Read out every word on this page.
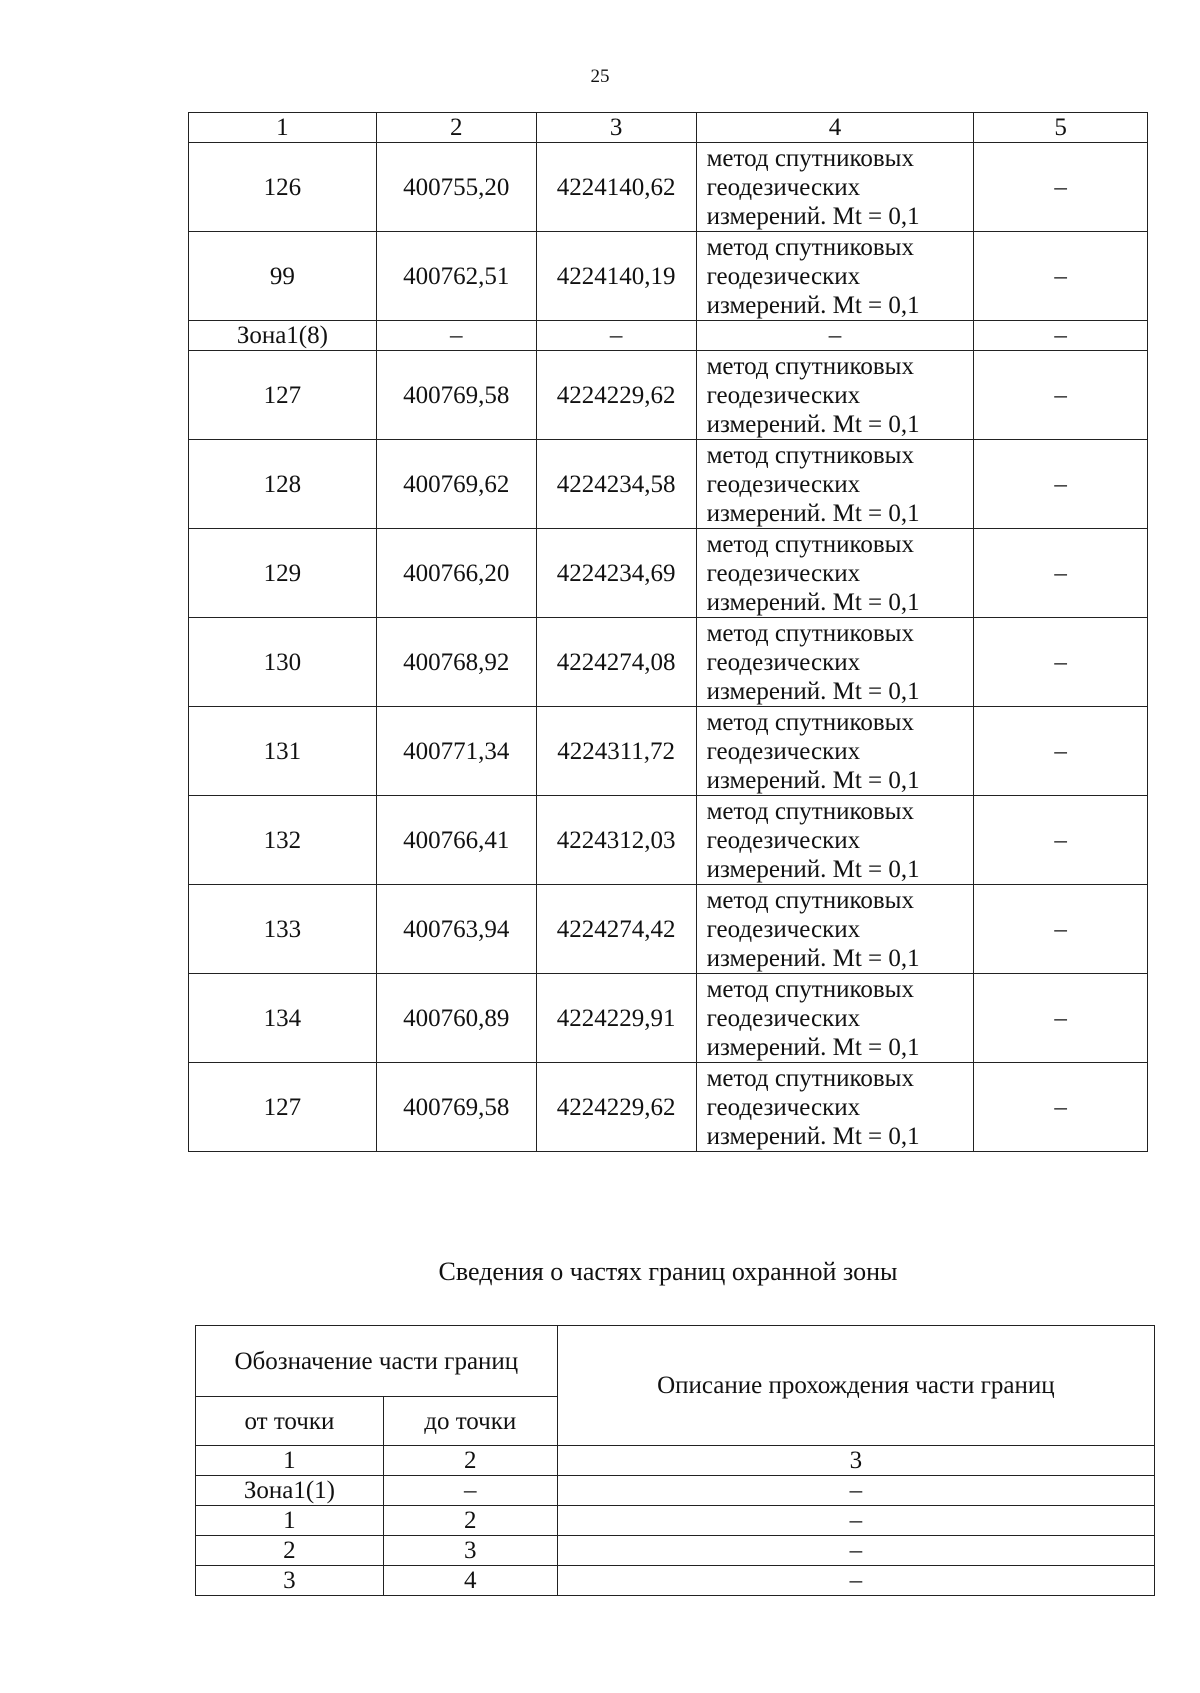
25
1	2	3	4	5
126	400755,20	4224140,62	метод спутниковых
геодезических
измерений. Mt = 0,1	–
99	400762,51	4224140,19	метод спутниковых
геодезических
измерений. Mt = 0,1	–
Зона1(8)	–	–	–	–
127	400769,58	4224229,62	метод спутниковых
геодезических
измерений. Mt = 0,1	–
128	400769,62	4224234,58	метод спутниковых
геодезических
измерений. Mt = 0,1	–
129	400766,20	4224234,69	метод спутниковых
геодезических
измерений. Mt = 0,1	–
130	400768,92	4224274,08	метод спутниковых
геодезических
измерений. Mt = 0,1	–
131	400771,34	4224311,72	метод спутниковых
геодезических
измерений. Mt = 0,1	–
132	400766,41	4224312,03	метод спутниковых
геодезических
измерений. Mt = 0,1	–
133	400763,94	4224274,42	метод спутниковых
геодезических
измерений. Mt = 0,1	–
134	400760,89	4224229,91	метод спутниковых
геодезических
измерений. Mt = 0,1	–
127	400769,58	4224229,62	метод спутниковых
геодезических
измерений. Mt = 0,1	–
Сведения о частях границ охранной зоны
Обозначение части границ		Описание прохождения части границ
от точки	до точки	
1	2	3
Зона1(1)	–	–
1	2	–
2	3	–
3	4	–
